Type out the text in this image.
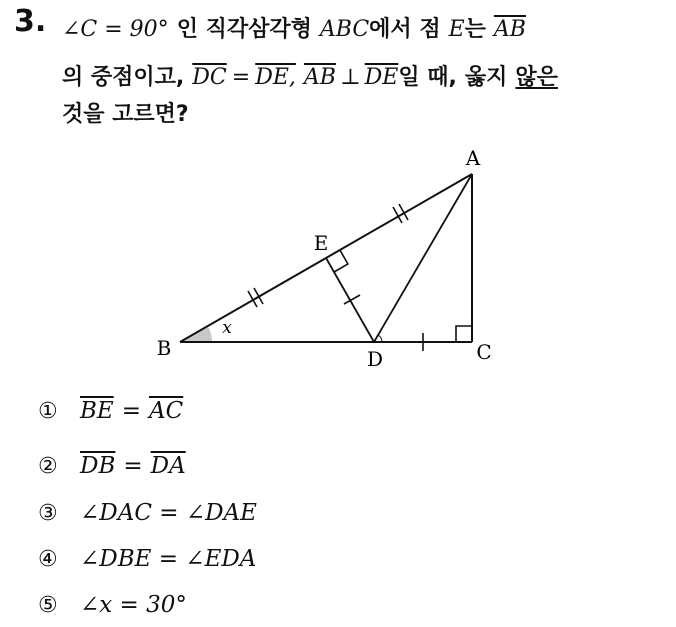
3. ∠C = 90° 인 직각삼각형 ABC 에서 점 E 는 $\overline{AB}$
의 중점이고, $\overline{DC}$ = DE, $\overline{AB}$ ⊥ $\overline{DE}$ 일 때, 옳지 않은
것을 고르면?
A
B	C
D
E
x
① $\overline{BE} = \overline{AC}$
② $\overline{DB} = \overline{DA}$
③ ∠DAC = ∠DAE
④ ∠DBE = ∠EDA
⑤ ∠x = 30°
